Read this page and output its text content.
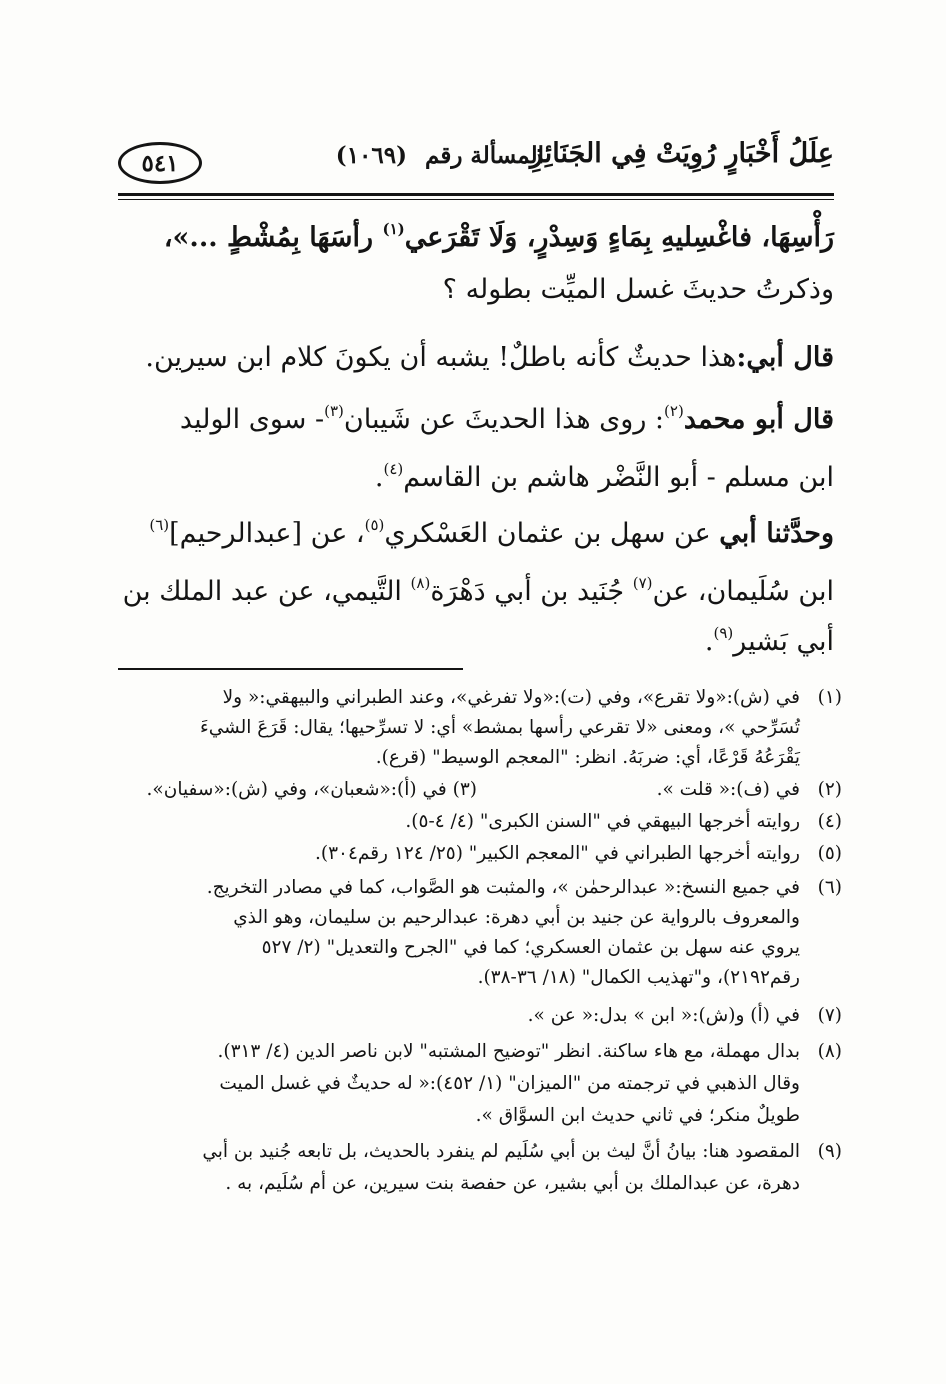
عِلَلُ أَخْبَارٍ رُوِيَتْ فِي الجَنَائِزِ
المسألة رقم (١٠٦٩)
٥٤١
رَأْسِهَا، فاغْسِليهِ بِمَاءٍ وَسِدْرٍ، وَلَا تَقْرَعي$^{(١)}$ رأسَهَا بِمُشْطٍ ...»،
وذكرتُ حديثَ غسل الميِّت بطوله ؟
قال أبي:هذا حديثٌ كأنه باطلٌ! يشبه أن يكونَ كلام ابن سيرين.
قال أبو محمد$^{(٢)}$: روى هذا الحديثَ عن شَيبان$^{(٣)}$- سوى الوليد
ابن مسلم - أبو النَّضْر هاشم بن القاسم$^{(٤)}$.
وحدَّثنا أبي عن سهل بن عثمان العَسْكري$^{(٥)}$، عن [عبدالرحيم]$^{(٦)}$
ابن سُلَيمان، عن$^{(٧)}$ جُنَيد بن أبي دَهْرَة$^{(٨)}$ التَّيمي، عن عبد الملك بن
أبي بَشير$^{(٩)}$.
(١)في (ش):«ولا تقرع»، وفي (ت):«ولا تفرغي»، وعند الطبراني والبيهقي:« ولا
تُسَرِّحي »، ومعنى «لا تقرعي رأسها بمشط» أي: لا تسرِّحيها؛ يقال: قَرَعَ الشيءَ
يَقْرَعُهُ قَرْعًا، أي: ضربَهُ. انظر: "المعجم الوسيط" (قرع).
(٢)في (ف):« قلت ».
(٣) في (أ):«شعبان»، وفي (ش):«سفيان».
(٤)روايته أخرجها البيهقي في "السنن الكبرى" (٤/ ٤-٥).
(٥)روايته أخرجها الطبراني في "المعجم الكبير" (٢٥/ ١٢٤ رقم٣٠٤).
(٦)في جميع النسخ:« عبدالرحمٰن »، والمثبت هو الصَّواب، كما في مصادر التخريج.
والمعروف بالرواية عن جنيد بن أبي دهرة: عبدالرحيم بن سليمان، وهو الذي
يروي عنه سهل بن عثمان العسكري؛ كما في "الجرح والتعديل" (٢/ ٥٢٧
رقم٢١٩٢)، و"تهذيب الكمال" (١٨/ ٣٦-٣٨).
(٧)في (أ) و(ش):« ابن » بدل:« عن ».
(٨)بدال مهملة، مع هاء ساكنة. انظر "توضيح المشتبه" لابن ناصر الدين (٤/ ٣١٣).
وقال الذهبي في ترجمته من "الميزان" (١/ ٤٥٢):« له حديثٌ في غسل الميت
طويلٌ منكر؛ في ثاني حديث ابن السوَّاق ».
(٩)المقصود هنا: بيانُ أنَّ ليث بن أبي سُلَيم لم ينفرد بالحديث، بل تابعه جُنيد بن أبي
دهرة، عن عبدالملك بن أبي بشير، عن حفصة بنت سيرين، عن أم سُلَيم، به .
